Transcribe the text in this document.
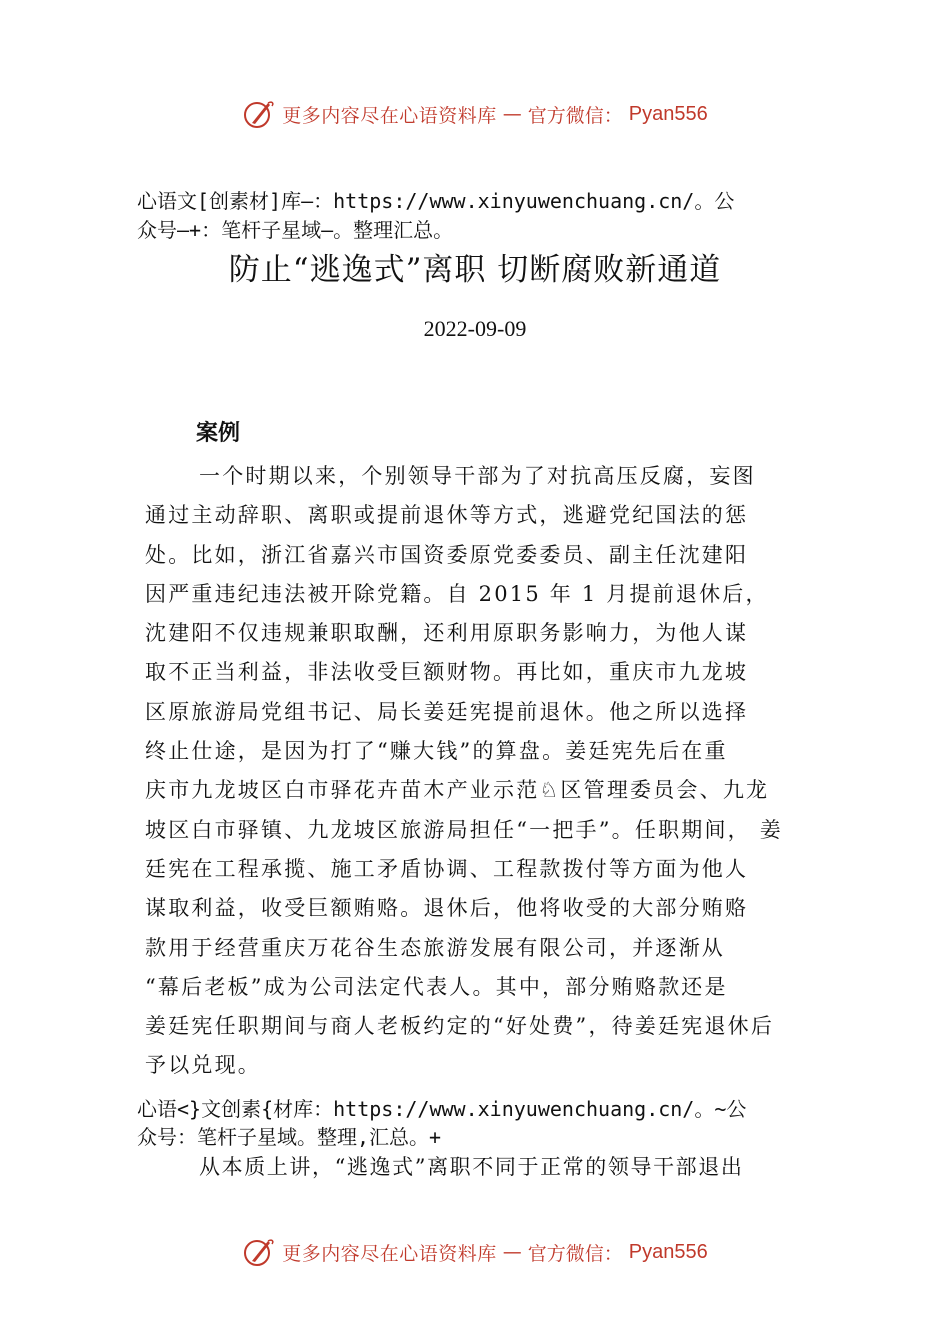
更多内容尽在心语资料库 — 官方微信： Pyan556
心语文[创素材]库—：https://www.xinyuwenchuang.cn/。公
众号—+：笔杆子星域—。整理汇总。
防止“逃逸式”离职 切断腐败新通道
2022-09-09
案例
一个时期以来，个别领导干部为了对抗高压反腐，妄图
通过主动辞职、离职或提前退休等方式，逃避党纪国法的惩
处。比如，浙江省嘉兴市国资委原党委委员、副主任沈建阳
因严重违纪违法被开除党籍。自 2015 年 1 月提前退休后，
沈建阳不仅违规兼职取酬，还利用原职务影响力，为他人谋
取不正当利益，非法收受巨额财物。再比如，重庆市九龙坡
区原旅游局党组书记、局长姜廷宪提前退休。他之所以选择
终止仕途，是因为打了“赚大钱”的算盘。姜廷宪先后在重
庆市九龙坡区白市驿花卉苗木产业示范♘区管理委员会、九龙
坡区白市驿镇、九龙坡区旅游局担任“一把手”。任职期间， 姜
廷宪在工程承揽、施工矛盾协调、工程款拨付等方面为他人
谋取利益，收受巨额贿赂。退休后，他将收受的大部分贿赂
款用于经营重庆万花谷生态旅游发展有限公司，并逐渐从
“幕后老板”成为公司法定代表人。其中，部分贿赂款还是
姜廷宪任职期间与商人老板约定的“好处费”，待姜廷宪退休后
予以兑现。
心语<}文创素{材库：https://www.xinyuwenchuang.cn/。~公
众号：笔杆子星域。整理,汇总。+
从本质上讲，“逃逸式”离职不同于正常的领导干部退出
更多内容尽在心语资料库 — 官方微信： Pyan556
